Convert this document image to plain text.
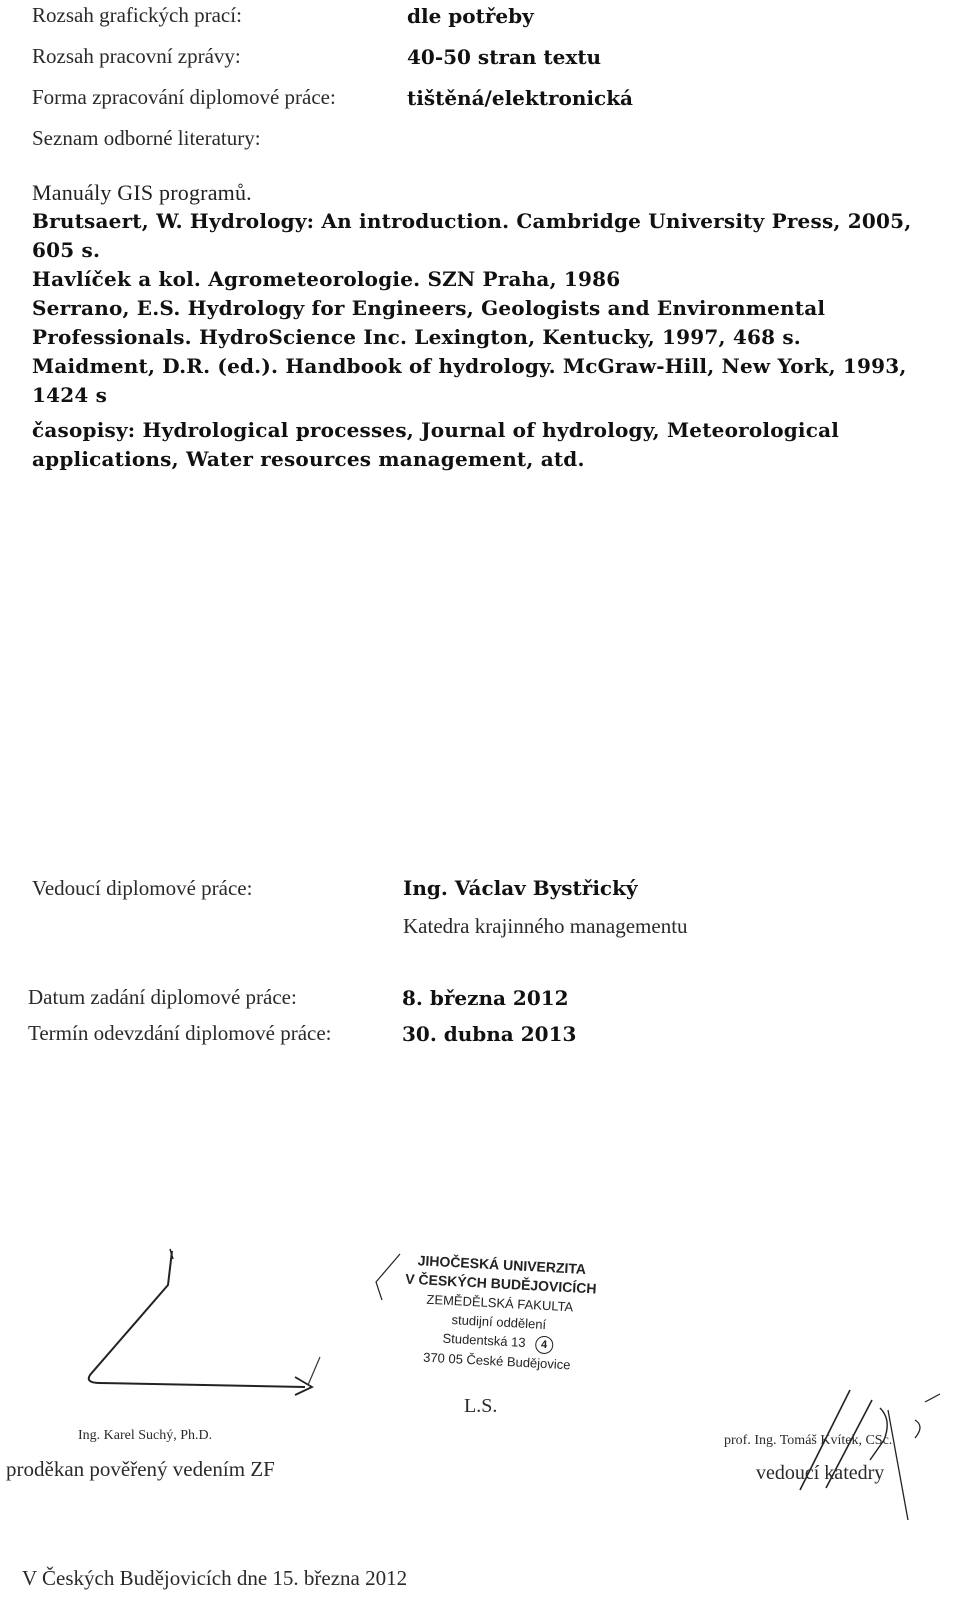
Rozsah grafických prací:	dle potřeby
Rozsah pracovní zprávy:	40-50 stran textu
Forma zpracování diplomové práce:	tištěná/elektronická
Seznam odborné literatury:

Manuály GIS programů.

Brutsaert, W. Hydrology: An introduction. Cambridge University Press, 2005,

605 s.

Havlíček a kol. Agrometeorologie. SZN Praha, 1986

Serrano, E.S. Hydrology for Engineers, Geologists and Environmental

Professionals. HydroScience Inc. Lexington, Kentucky, 1997, 468 s.

Maidment, D.R. (ed.). Handbook of hydrology. McGraw-Hill, New York, 1993,

1424 s

časopisy: Hydrological processes, Journal of hydrology, Meteorological

applications, Water resources management, atd.

Vedoucí diplomové práce:	Ing. Václav Bystřický
Katedra krajinného managementu
Datum zadání diplomové práce:	8. března 2012
Termín odevzdání diplomové práce:	30. dubna 2013
Ing. Karel Suchý, Ph.D.
proděkan pověřený vedením ZF
JIHOČESKÁ UNIVERZITA
V ČESKÝCH BUDĚJOVICÍCH
ZEMĚDĚLSKÁ FAKULTA
studijní oddělení
Studentská 13 4
370 05 České Budějovice
L.S.
prof. Ing. Tomáš Kvítek, CSc.
vedoucí katedry
V Českých Budějovicích dne 15. března 2012
